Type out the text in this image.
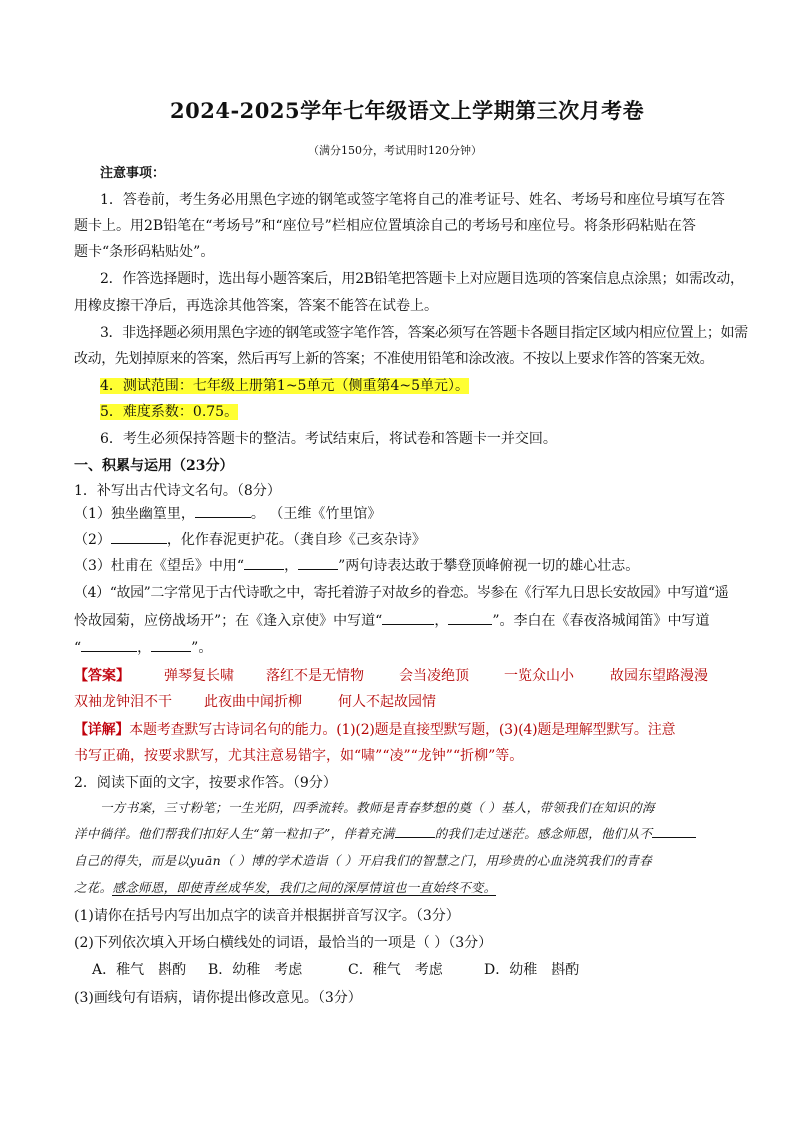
2024-2025学年七年级语文上学期第三次月考卷
（满分150分，考试用时120分钟）
注意事项：
1．答卷前，考生务必用黑色字迹的钢笔或签字笔将自己的准考证号、姓名、考场号和座位号填写在答
题卡上。用2B铅笔在“考场号”和“座位号”栏相应位置填涂自己的考场号和座位号。将条形码粘贴在答
题卡“条形码粘贴处”。
2．作答选择题时，选出每小题答案后，用2B铅笔把答题卡上对应题目选项的答案信息点涂黑；如需改动，
用橡皮擦干净后，再选涂其他答案，答案不能答在试卷上。
3．非选择题必须用黑色字迹的钢笔或签字笔作答，答案必须写在答题卡各题目指定区域内相应位置上；如需
改动，先划掉原来的答案，然后再写上新的答案；不准使用铅笔和涂改液。不按以上要求作答的答案无效。
4．测试范围：七年级上册第1~5单元（侧重第4~5单元）。
5．难度系数：0.75。
6．考生必须保持答题卡的整洁。考试结束后，将试卷和答题卡一并交回。
一、积累与运用（23分）
1．补写出古代诗文名句。（8分）
（1）独坐幽篁里，	。 （王维《竹里馆》
（2）	，化作春泥更护花。（龚自珍《己亥杂诗》
（3）杜甫在《望岳》中用“	，	”两句诗表达敢于攀登顶峰俯视一切的雄心壮志。
（4）“故园”二字常见于古代诗歌之中，寄托着游子对故乡的眷恋。岑参在《行军九日思长安故园》中写道“遥
怜故园菊，应傍战场开”；在《逢入京使》中写道“	，	”。李白在《春夜洛城闻笛》中写道
“	，	”。
【答案】 弹琴复长啸 落红不是无情物	会当凌绝顶	一览众山小	故园东望路漫漫
双袖龙钟泪不干 此夜曲中闻折柳	何人不起故园情
【详解】本题考查默写古诗词名句的能力。(1)(2)题是直接型默写题，(3)(4)题是理解型默写。注意
书写正确，按要求默写，尤其注意易错字，如“啸”“凌”“龙钟”“折柳”等。
2．阅读下面的文字，按要求作答。（9分）
一方书案，三寸粉笔；一生光阴，四季流转。教师是青春梦想的奠（ ）基人，带领我们在知识的海
洋中徜徉。他们帮我们扣好人生“第一粒扣子”，伴着充满	的我们走过迷茫。感念师恩，他们从不
自己的得失，而是以yuān（ ）博的学术造诣（ ）开启我们的智慧之门，用珍贵的心血浇筑我们的青春
之花。感念师恩，即使青丝成华发，我们之间的深厚情谊也一直始终不变。
(1)请你在括号内写出加点字的读音并根据拼音写汉字。（3分）
(2)下列依次填入开场白横线处的词语，最恰当的一项是（ ）（3分）
A．稚气　斟酌 B．幼稚　考虑	C．稚气　考虑	D．幼稚　斟酌
(3)画线句有语病，请你提出修改意见。（3分）
